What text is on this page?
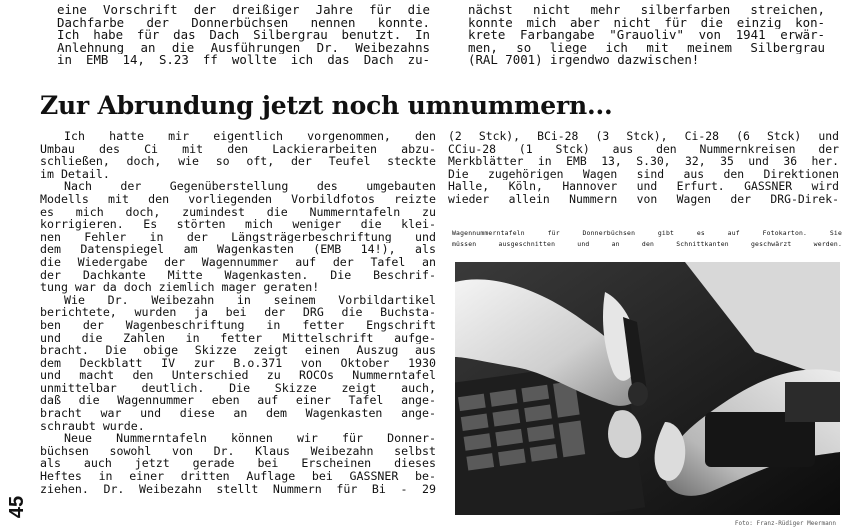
45
eine Vorschrift der dreißiger Jahre für die
Dachfarbe der Donnerbüchsen nennen konnte.
Ich habe für das Dach Silbergrau benutzt. In
Anlehnung an die Ausführungen Dr. Weibezahns
in EMB 14, S.23 ff wollte ich das Dach zu-
nächst nicht mehr silberfarben streichen,
konnte mich aber nicht für die einzig kon-
krete Farbangabe "Grauoliv" von 1941 erwär-
men, so liege ich mit meinem Silbergrau
(RAL 7001) irgendwo dazwischen!
Zur Abrundung jetzt noch umnummern...
Ich hatte mir eigentlich vorgenommen, den
Umbau des Ci mit den Lackierarbeiten abzu-
schließen, doch, wie so oft, der Teufel steckte
im Detail.
Nach der Gegenüberstellung des umgebauten
Modells mit den vorliegenden Vorbildfotos reizte
es mich doch, zumindest die Nummerntafeln zu
korrigieren. Es störten mich weniger die klei-
nen Fehler in der Längsträgerbeschriftung und
dem Datenspiegel am Wagenkasten (EMB 14!), als
die Wiedergabe der Wagennummer auf der Tafel an
der Dachkante Mitte Wagenkasten. Die Beschrif-
tung war da doch ziemlich mager geraten!
Wie Dr. Weibezahn in seinem Vorbildartikel
berichtete, wurden ja bei der DRG die Buchsta-
ben der Wagenbeschriftung in fetter Engschrift
und die Zahlen in fetter Mittelschrift aufge-
bracht. Die obige Skizze zeigt einen Auszug aus
dem Deckblatt IV zur B.o.371 von Oktober 1930
und macht den Unterschied zu ROCOs Nummerntafel
unmittelbar deutlich. Die Skizze zeigt auch,
daß die Wagennummer eben auf einer Tafel ange-
bracht war und diese an dem Wagenkasten ange-
schraubt wurde.
Neue Nummerntafeln können wir für Donner-
büchsen sowohl von Dr. Klaus Weibezahn selbst
als auch jetzt gerade bei Erscheinen dieses
Heftes in einer dritten Auflage bei GASSNER be-
ziehen. Dr. Weibezahn stellt Nummern für Bi - 29
(2 Stck), BCi-28 (3 Stck), Ci-28 (6 Stck) und
CCiu-28 (1 Stck) aus den Nummernkreisen der
Merkblätter in EMB 13, S.30, 32, 35 und 36 her.
Die zugehörigen Wagen sind aus den Direktionen
Halle, Köln, Hannover und Erfurt. GASSNER wird
wieder allein Nummern von Wagen der DRG-Direk-
Wagennummerntafeln für Donnerbüchsen gibt es auf Fotokarton. Sie
müssen ausgeschnitten und an den Schnittkanten geschwärzt werden.
Foto: Franz-Rüdiger Meermann
